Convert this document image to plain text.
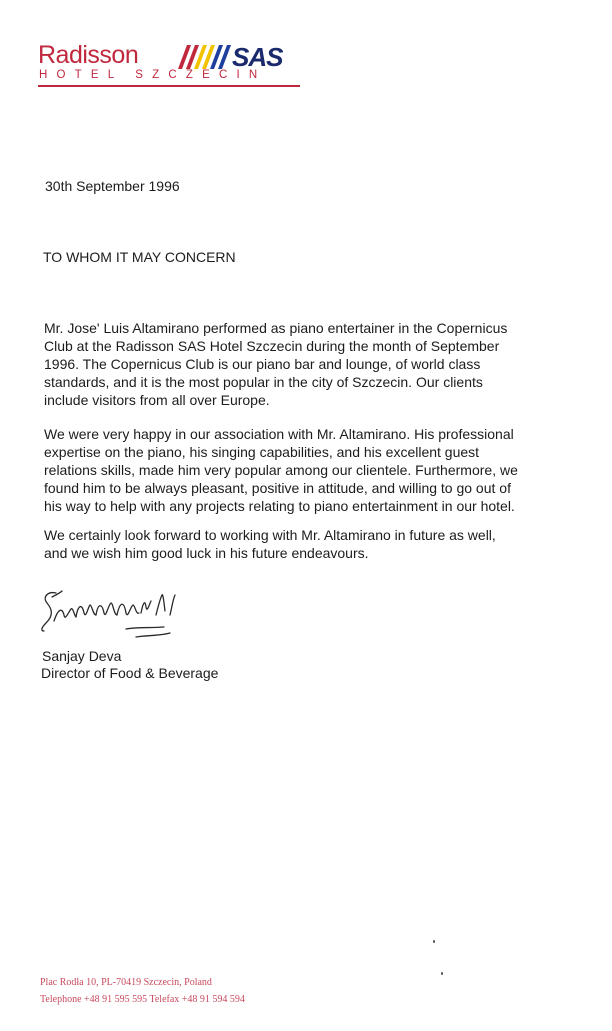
Radisson	SAS
HOTEL SZCZECIN
30th September 1996
TO WHOM IT MAY CONCERN
Mr. Jose' Luis Altamirano performed as piano entertainer in the Copernicus
Club at the Radisson SAS Hotel Szczecin during the month of September
1996. The Copernicus Club is our piano bar and lounge, of world class
standards, and it is the most popular in the city of Szczecin. Our clients
include visitors from all over Europe.
We were very happy in our association with Mr. Altamirano. His professional
expertise on the piano, his singing capabilities, and his excellent guest
relations skills, made him very popular among our clientele. Furthermore, we
found him to be always pleasant, positive in attitude, and willing to go out of
his way to help with any projects relating to piano entertainment in our hotel.
We certainly look forward to working with Mr. Altamirano in future as well,
and we wish him good luck in his future endeavours.
Sanjay Deva
Director of Food & Beverage
Plac Rodła 10, PL-70419 Szczecin, Poland
Telephone +48 91 595 595 Telefax +48 91 594 594
